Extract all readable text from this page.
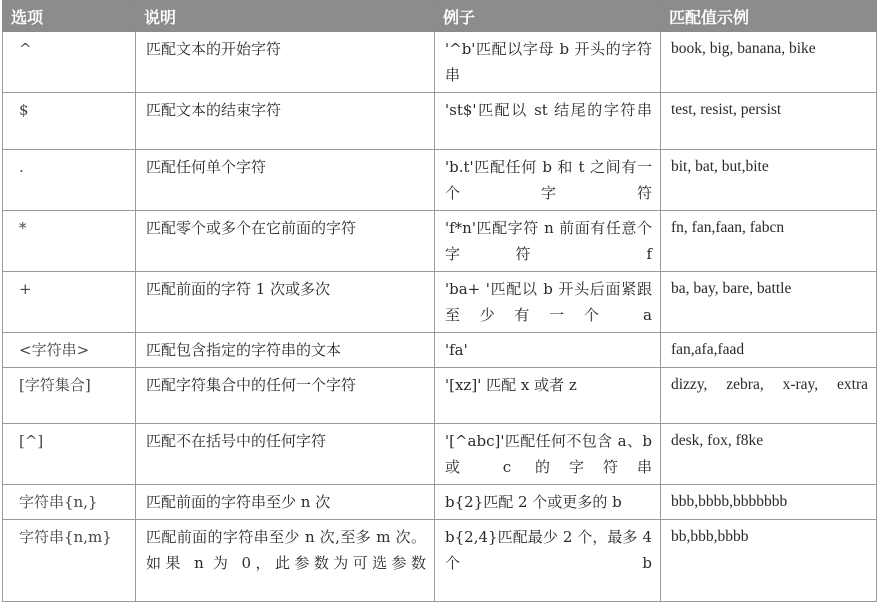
选项	说明	例子	匹配值示例
^	匹配文本的开始字符	'^b'匹配以字母 b 开头的字符串	book, big, banana, bike
$	匹配文本的结束字符	'st$'匹配以 st 结尾的字符串	test, resist, persist
.	匹配任何单个字符	'b.t'匹配任何 b 和 t 之间有一个字符	bit, bat, but,bite
*	匹配零个或多个在它前面的字符	'f*n'匹配字符 n 前面有任意个字符 f	fn, fan,faan, fabcn
+	匹配前面的字符 1 次或多次	'ba+ '匹配以 b 开头后面紧跟至少有一个 a	ba, bay, bare, battle
<字符串>	匹配包含指定的字符串的文本	'fa'	fan,afa,faad
[字符集合]	匹配字符集合中的任何一个字符	'[xz]' 匹配 x 或者 z	dizzy, zebra, x-ray, extra
[^]	匹配不在括号中的任何字符	'[^abc]'匹配任何不包含 a、b 或 c 的字符串	desk, fox, f8ke
字符串{n,}	匹配前面的字符串至少 n 次	b{2}匹配 2 个或更多的 b	bbb,bbbb,bbbbbbb
字符串{n,m}	匹配前面的字符串至少 n 次,至多 m 次。如果 n 为 0，此参数为可选参数	b{2,4}匹配最少 2 个，最多 4 个 b	bb,bbb,bbbb
